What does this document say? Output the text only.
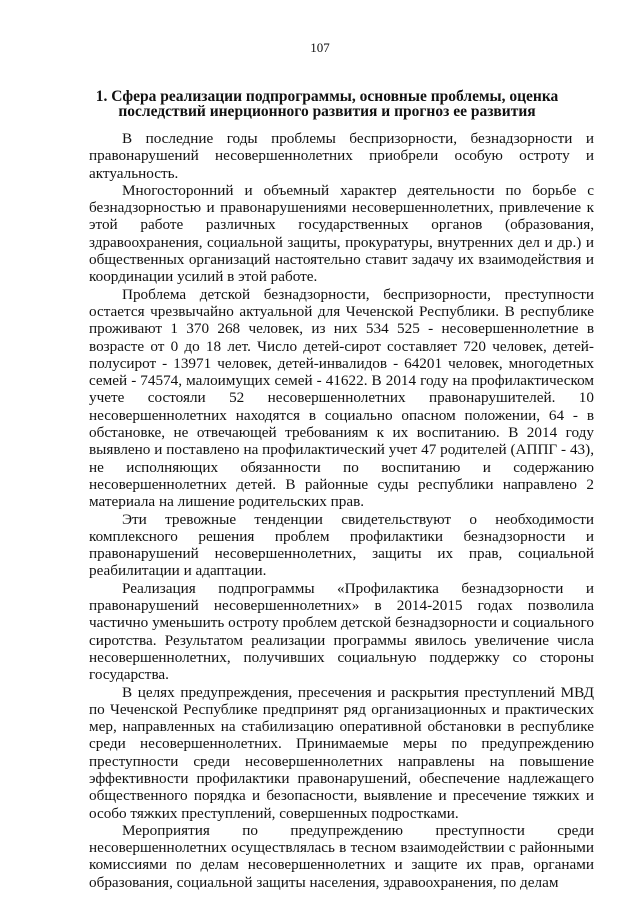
107
1. Сфера реализации подпрограммы, основные проблемы, оценка последствий инерционного развития и прогноз ее развития

В последние годы проблемы беспризорности, безнадзорности и правонарушений несовершеннолетних приобрели особую остроту и актуальность.

Многосторонний и объемный характер деятельности по борьбе с безнадзорностью и правонарушениями несовершеннолетних, привлечение к этой работе различных государственных органов (образования, здравоохранения, социальной защиты, прокуратуры, внутренних дел и др.) и общественных организаций настоятельно ставит задачу их взаимодействия и координации усилий в этой работе.

Проблема детской безнадзорности, беспризорности, преступности остается чрезвычайно актуальной для Чеченской Республики. В республике проживают 1 370 268 человек, из них 534 525 - несовершеннолетние в возрасте от 0 до 18 лет. Число детей-сирот составляет 720 человек, детей-полусирот - 13971 человек, детей-инвалидов - 64201 человек, многодетных семей - 74574, малоимущих семей - 41622. В 2014 году на профилактическом учете состояли 52 несовершеннолетних правонарушителей. 10 несовершеннолетних находятся в социально опасном положении, 64 - в обстановке, не отвечающей требованиям к их воспитанию. В 2014 году выявлено и поставлено на профилактический учет 47 родителей (АППГ - 43), не исполняющих обязанности по воспитанию и содержанию несовершеннолетних детей. В районные суды республики направлено 2 материала на лишение родительских прав.

Эти тревожные тенденции свидетельствуют о необходимости комплексного решения проблем профилактики безнадзорности и правонарушений несовершеннолетних, защиты их прав, социальной реабилитации и адаптации.

Реализация подпрограммы «Профилактика безнадзорности и правонарушений несовершеннолетних» в 2014-2015 годах позволила частично уменьшить остроту проблем детской безнадзорности и социального сиротства. Результатом реализации программы явилось увеличение числа несовершеннолетних, получивших социальную поддержку со стороны государства.

В целях предупреждения, пресечения и раскрытия преступлений МВД по Чеченской Республике предпринят ряд организационных и практических мер, направленных на стабилизацию оперативной обстановки в республике среди несовершеннолетних. Принимаемые меры по предупреждению преступности среди несовершеннолетних направлены на повышение эффективности профилактики правонарушений, обеспечение надлежащего общественного порядка и безопасности, выявление и пресечение тяжких и особо тяжких преступлений, совершенных подростками.

Мероприятия по предупреждению преступности среди несовершеннолетних осуществлялась в тесном взаимодействии с районными комиссиями по делам несовершеннолетних и защите их прав, органами образования, социальной защиты населения, здравоохранения, по делам
